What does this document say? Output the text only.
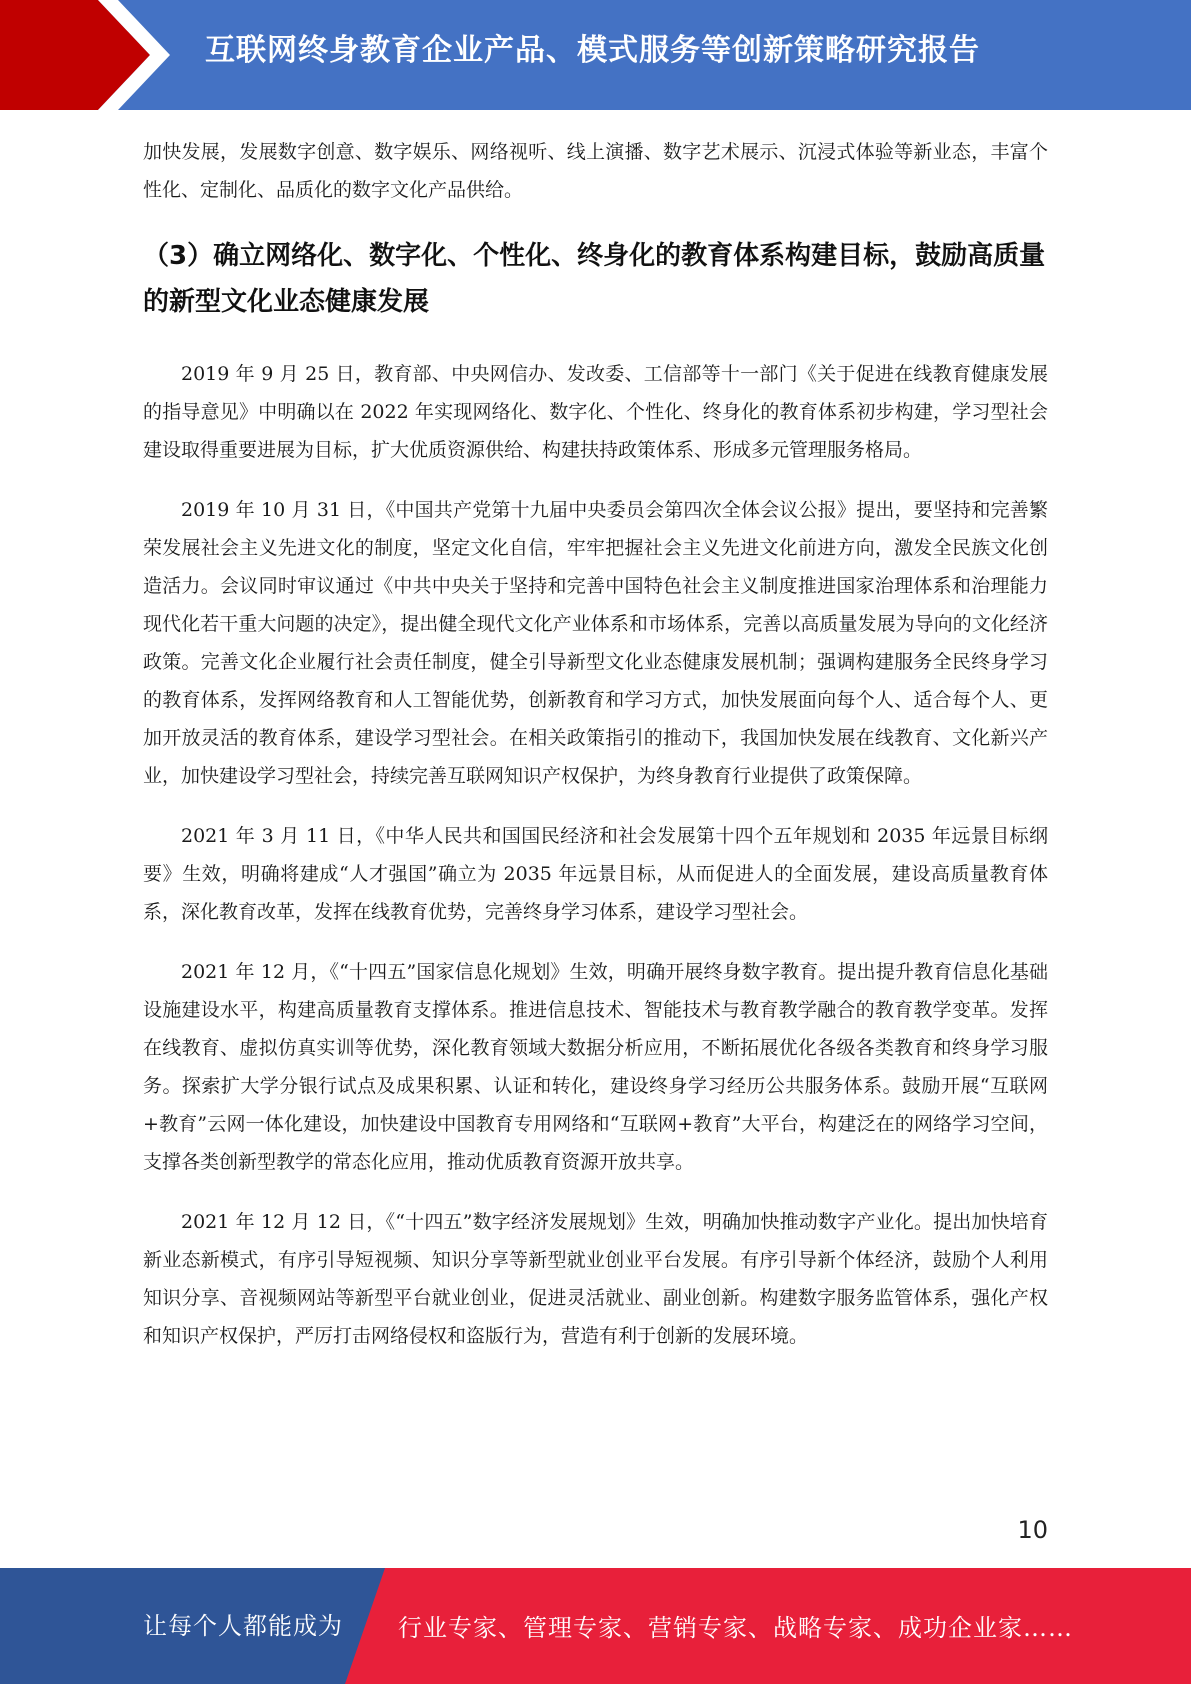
互联网终身教育企业产品、模式服务等创新策略研究报告

加快发展，发展数字创意、数字娱乐、网络视听、线上演播、数字艺术展示、沉浸式体验等新业态，丰富个性化、定制化、品质化的数字文化产品供给。

（3）确立网络化、数字化、个性化、终身化的教育体系构建目标，鼓励高质量的新型文化业态健康发展

2019 年 9 月 25 日，教育部、中央网信办、发改委、工信部等十一部门《关于促进在线教育健康发展的指导意见》中明确以在 2022 年实现网络化、数字化、个性化、终身化的教育体系初步构建，学习型社会建设取得重要进展为目标，扩大优质资源供给、构建扶持政策体系、形成多元管理服务格局。

2019 年 10 月 31 日，《中国共产党第十九届中央委员会第四次全体会议公报》提出，要坚持和完善繁荣发展社会主义先进文化的制度，坚定文化自信，牢牢把握社会主义先进文化前进方向，激发全民族文化创造活力。会议同时审议通过《中共中央关于坚持和完善中国特色社会主义制度推进国家治理体系和治理能力现代化若干重大问题的决定》，提出健全现代文化产业体系和市场体系，完善以高质量发展为导向的文化经济政策。完善文化企业履行社会责任制度，健全引导新型文化业态健康发展机制；强调构建服务全民终身学习的教育体系，发挥网络教育和人工智能优势，创新教育和学习方式，加快发展面向每个人、适合每个人、更加开放灵活的教育体系，建设学习型社会。在相关政策指引的推动下，我国加快发展在线教育、文化新兴产业，加快建设学习型社会，持续完善互联网知识产权保护，为终身教育行业提供了政策保障。

2021 年 3 月 11 日，《中华人民共和国国民经济和社会发展第十四个五年规划和 2035 年远景目标纲要》生效，明确将建成“人才强国”确立为 2035 年远景目标，从而促进人的全面发展，建设高质量教育体系，深化教育改革，发挥在线教育优势，完善终身学习体系，建设学习型社会。

2021 年 12 月，《“十四五”国家信息化规划》生效，明确开展终身数字教育。提出提升教育信息化基础设施建设水平，构建高质量教育支撑体系。推进信息技术、智能技术与教育教学融合的教育教学变革。发挥在线教育、虚拟仿真实训等优势，深化教育领域大数据分析应用，不断拓展优化各级各类教育和终身学习服务。探索扩大学分银行试点及成果积累、认证和转化，建设终身学习经历公共服务体系。鼓励开展“互联网+教育”云网一体化建设，加快建设中国教育专用网络和“互联网+教育”大平台，构建泛在的网络学习空间，支撑各类创新型教学的常态化应用，推动优质教育资源开放共享。

2021 年 12 月 12 日，《“十四五”数字经济发展规划》生效，明确加快推动数字产业化。提出加快培育新业态新模式，有序引导短视频、知识分享等新型就业创业平台发展。有序引导新个体经济，鼓励个人利用知识分享、音视频网站等新型平台就业创业，促进灵活就业、副业创新。构建数字服务监管体系，强化产权和知识产权保护，严厉打击网络侵权和盗版行为，营造有利于创新的发展环境。

10
让每个人都能成为 行业专家、管理专家、营销专家、战略专家、成功企业家……
